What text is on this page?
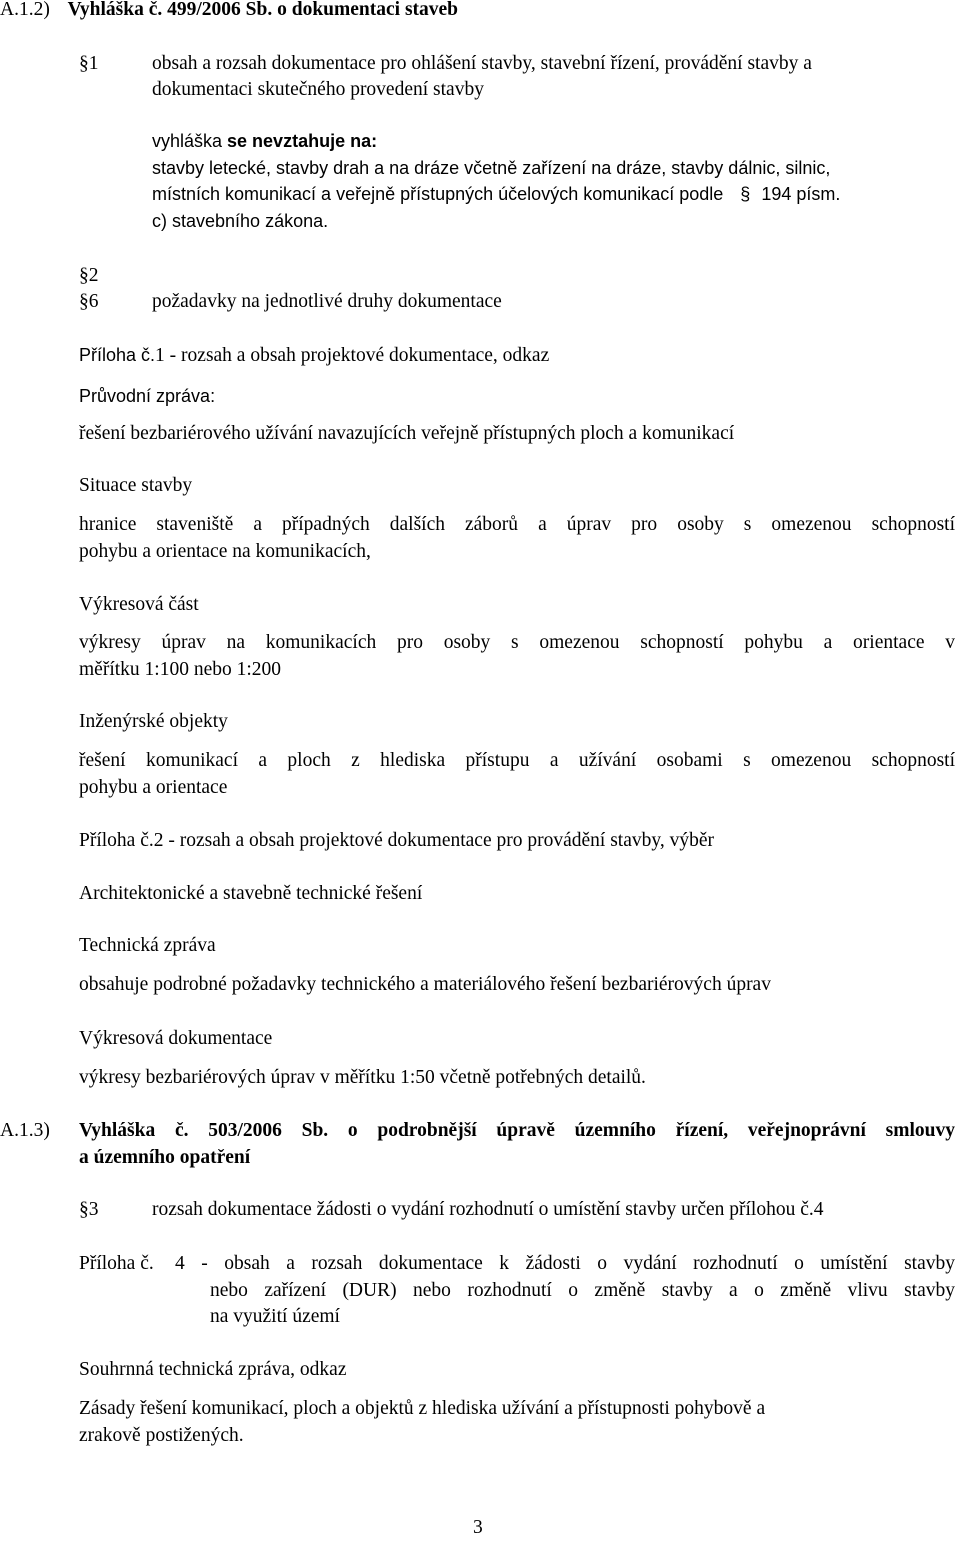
A.1.2) Vyhláška č. 499/2006 Sb. o dokumentaci staveb
§1	obsah a rozsah dokumentace pro ohlášení stavby, stavební řízení, provádění stavby a
dokumentaci skutečného provedení stavby
vyhláška se nevztahuje na:
stavby letecké, stavby drah a na dráze včetně zařízení na dráze, stavby dálnic, silnic,
místních komunikací a veřejně přístupných účelových komunikací podle § 194 písm.
c) stavebního zákona.
§2
§6	požadavky na jednotlivé druhy dokumentace
Příloha č.1 - rozsah a obsah projektové dokumentace, odkaz
Průvodní zpráva:
řešení bezbariérového užívání navazujících veřejně přístupných ploch a komunikací
Situace stavby
hranice staveniště a případných dalších záborů a úprav pro osoby s omezenou schopností
pohybu a orientace na komunikacích,
Výkresová část
výkresy úprav na komunikacích pro osoby s omezenou schopností pohybu a orientace v
měřítku 1:100 nebo 1:200
Inženýrské objekty
řešení komunikací a ploch z hlediska přístupu a užívání osobami s omezenou schopností
pohybu a orientace
Příloha č.2 - rozsah a obsah projektové dokumentace pro provádění stavby, výběr
Architektonické a stavebně technické řešení
Technická zpráva
obsahuje podrobné požadavky technického a materiálového řešení bezbariérových úprav
Výkresová dokumentace
výkresy bezbariérových úprav v měřítku 1:50 včetně potřebných detailů.
A.1.3) Vyhláška č. 503/2006 Sb. o podrobnější úpravě územního řízení, veřejnoprávní smlouvy
a územního opatření
§3	rozsah dokumentace žádosti o vydání rozhodnutí o umístění stavby určen přílohou č.4
Příloha č. 4 - obsah a rozsah dokumentace k žádosti o vydání rozhodnutí o umístění stavby
nebo zařízení (DUR) nebo rozhodnutí o změně stavby a o změně vlivu stavby
na využití území
Souhrnná technická zpráva, odkaz
Zásady řešení komunikací, ploch a objektů z hlediska užívání a přístupnosti pohybově a
zrakově postižených.
3
